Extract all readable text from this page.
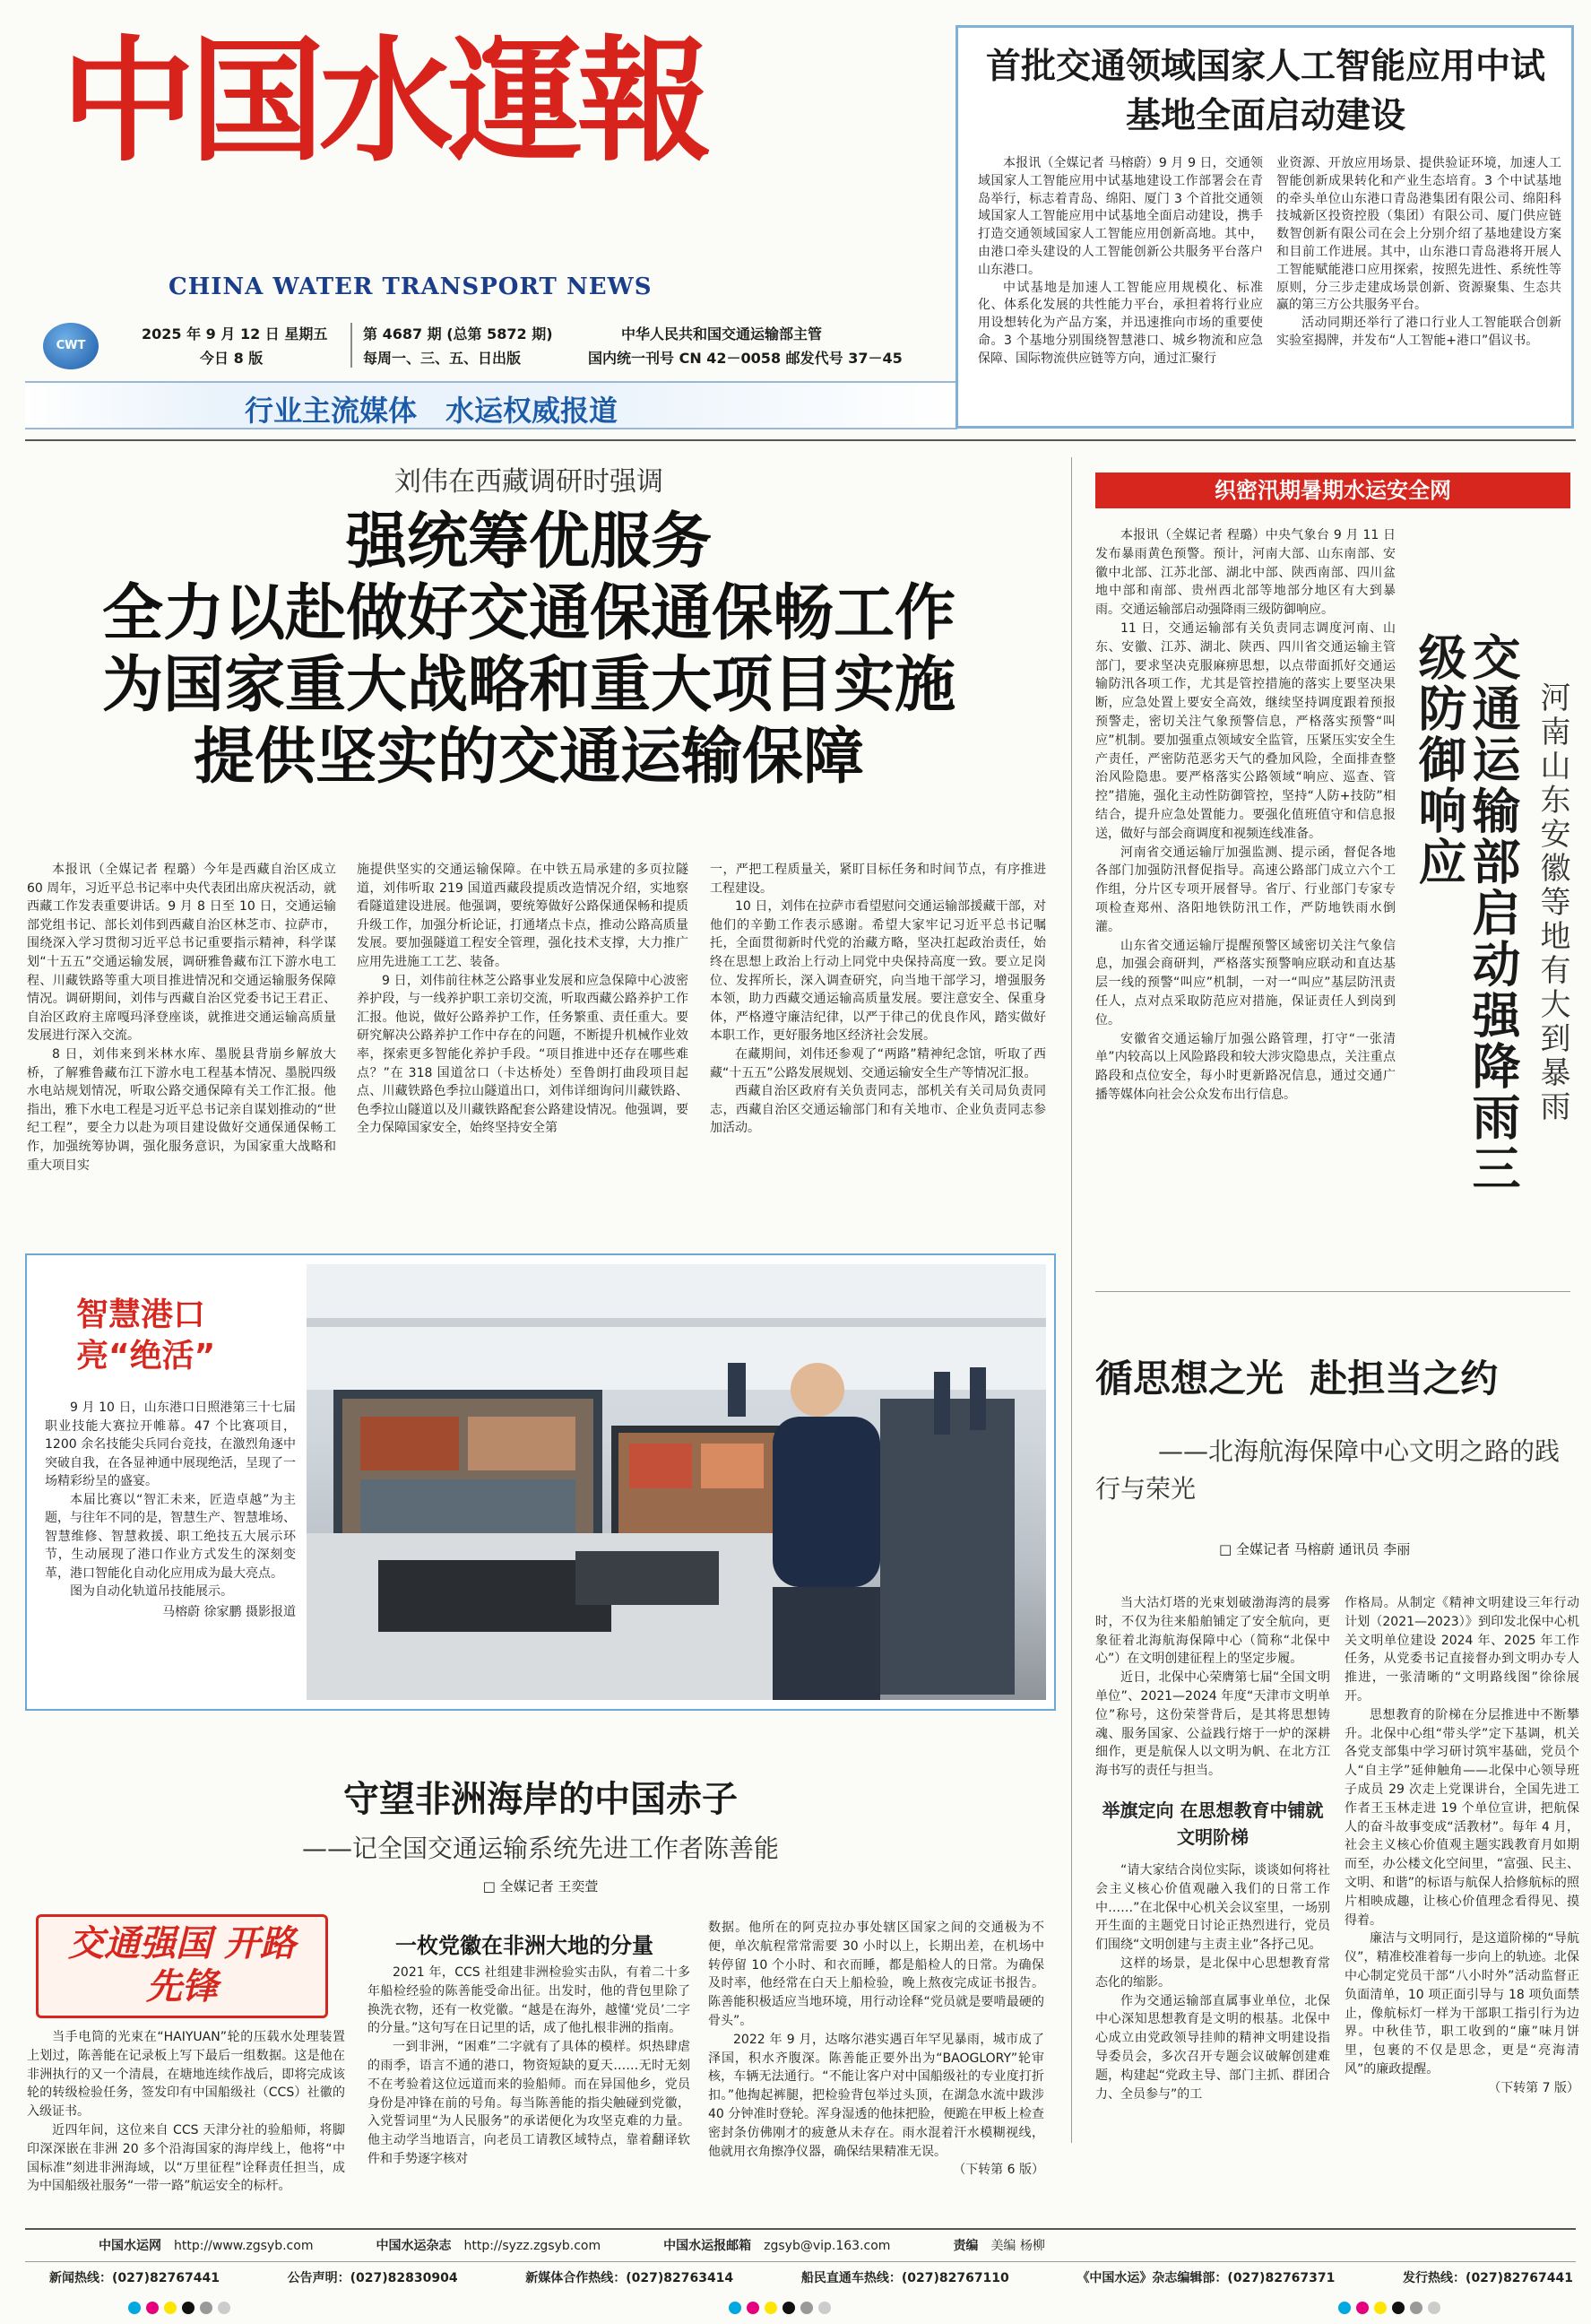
中国水運報
CHINA WATER TRANSPORT NEWS
CWT
2025 年 9 月 12 日 星期五
今日 8 版
第 4687 期 (总第 5872 期)
每周一、三、五、日出版
中华人民共和国交通运输部主管
国内统一刊号 CN 42－0058 邮发代号 37－45
行业主流媒体　水运权威报道
首批交通领域国家人工智能应用中试基地全面启动建设

本报讯（全媒记者 马榕蔚）9 月 9 日，交通领域国家人工智能应用中试基地建设工作部署会在青岛举行，标志着青岛、绵阳、厦门 3 个首批交通领域国家人工智能应用中试基地全面启动建设，携手打造交通领域国家人工智能应用创新高地。其中，由港口牵头建设的人工智能创新公共服务平台落户山东港口。

中试基地是加速人工智能应用规模化、标准化、体系化发展的共性能力平台，承担着将行业应用设想转化为产品方案，并迅速推向市场的重要使命。3 个基地分别围绕智慧港口、城乡物流和应急保障、国际物流供应链等方向，通过汇聚行

业资源、开放应用场景、提供验证环境，加速人工智能创新成果转化和产业生态培育。3 个中试基地的牵头单位山东港口青岛港集团有限公司、绵阳科技城新区投资控股（集团）有限公司、厦门供应链数智创新有限公司在会上分别介绍了基地建设方案和目前工作进展。其中，山东港口青岛港将开展人工智能赋能港口应用探索，按照先进性、系统性等原则，分三步走建成场景创新、资源聚集、生态共赢的第三方公共服务平台。

活动同期还举行了港口行业人工智能联合创新实验室揭牌，并发布“人工智能+港口”倡议书。

刘伟在西藏调研时强调
强统筹优服务
全力以赴做好交通保通保畅工作
为国家重大战略和重大项目实施
提供坚实的交通运输保障

本报讯（全媒记者 程璐）今年是西藏自治区成立 60 周年，习近平总书记率中央代表团出席庆祝活动，就西藏工作发表重要讲话。9 月 8 日至 10 日，交通运输部党组书记、部长刘伟到西藏自治区林芝市、拉萨市，围绕深入学习贯彻习近平总书记重要指示精神，科学谋划“十五五”交通运输发展，调研雅鲁藏布江下游水电工程、川藏铁路等重大项目推进情况和交通运输服务保障情况。调研期间，刘伟与西藏自治区党委书记王君正、自治区政府主席嘎玛泽登座谈，就推进交通运输高质量发展进行深入交流。

8 日，刘伟来到米林水库、墨脱县背崩乡解放大桥，了解雅鲁藏布江下游水电工程基本情况、墨脱四级水电站规划情况，听取公路交通保障有关工作汇报。他指出，雅下水电工程是习近平总书记亲自谋划推动的“世纪工程”，要全力以赴为项目建设做好交通保通保畅工作，加强统筹协调，强化服务意识，为国家重大战略和重大项目实

施提供坚实的交通运输保障。在中铁五局承建的多页拉隧道，刘伟听取 219 国道西藏段提质改造情况介绍，实地察看隧道建设进展。他强调，要统筹做好公路保通保畅和提质升级工作，加强分析论证，打通堵点卡点，推动公路高质量发展。要加强隧道工程安全管理，强化技术支撑，大力推广应用先进施工工艺、装备。

9 日，刘伟前往林芝公路事业发展和应急保障中心波密养护段，与一线养护职工亲切交流，听取西藏公路养护工作汇报。他说，做好公路养护工作，任务繁重、责任重大。要研究解决公路养护工作中存在的问题，不断提升机械作业效率，探索更多智能化养护手段。“项目推进中还存在哪些难点？”在 318 国道岔口（卡达桥处）至鲁朗打曲段项目起点、川藏铁路色季拉山隧道出口，刘伟详细询问川藏铁路、色季拉山隧道以及川藏铁路配套公路建设情况。他强调，要全力保障国家安全，始终坚持安全第

一，严把工程质量关，紧盯目标任务和时间节点，有序推进工程建设。

10 日，刘伟在拉萨市看望慰问交通运输部援藏干部，对他们的辛勤工作表示感谢。希望大家牢记习近平总书记嘱托，全面贯彻新时代党的治藏方略，坚决扛起政治责任，始终在思想上政治上行动上同党中央保持高度一致。要立足岗位、发挥所长，深入调查研究，向当地干部学习，增强服务本领，助力西藏交通运输高质量发展。要注意安全、保重身体，严格遵守廉洁纪律，以严于律己的优良作风，踏实做好本职工作，更好服务地区经济社会发展。

在藏期间，刘伟还参观了“两路”精神纪念馆，听取了西藏“十五五”公路发展规划、交通运输安全生产等情况汇报。

西藏自治区政府有关负责同志，部机关有关司局负责同志，西藏自治区交通运输部门和有关地市、企业负责同志参加活动。

织密汛期暑期水运安全网

本报讯（全媒记者 程璐）中央气象台 9 月 11 日发布暴雨黄色预警。预计，河南大部、山东南部、安徽中北部、江苏北部、湖北中部、陕西南部、四川盆地中部和南部、贵州西北部等地部分地区有大到暴雨。交通运输部启动强降雨三级防御响应。

11 日，交通运输部有关负责同志调度河南、山东、安徽、江苏、湖北、陕西、四川省交通运输主管部门，要求坚决克服麻痹思想，以点带面抓好交通运输防汛各项工作，尤其是管控措施的落实上要坚决果断，应急处置上要安全高效，继续坚持调度跟着预报预警走，密切关注气象预警信息，严格落实预警“叫应”机制。要加强重点领域安全监管，压紧压实安全生产责任，严密防范恶劣天气的叠加风险，全面排查整治风险隐患。要严格落实公路领域“响应、巡查、管控”措施，强化主动性防御管控，坚持“人防+技防”相结合，提升应急处置能力。要强化值班值守和信息报送，做好与部会商调度和视频连线准备。

河南省交通运输厅加强监测、提示函，督促各地各部门加强防汛督促指导。高速公路部门成立六个工作组，分片区专项开展督导。省厅、行业部门专家专项检查郑州、洛阳地铁防汛工作，严防地铁雨水倒灌。

山东省交通运输厅提醒预警区域密切关注气象信息，加强会商研判，严格落实预警响应联动和直达基层一线的预警“叫应”机制，一对一“叫应”基层防汛责任人，点对点采取防范应对措施，保证责任人到岗到位。

安徽省交通运输厅加强公路管理，打守“一张清单”内较高以上风险路段和较大涉灾隐患点，关注重点路段和点位安全，每小时更新路况信息，通过交通广播等媒体向社会公众发布出行信息。	交通运输部启动强降雨三级防御响应	河南山东安徽等地有大到暴雨
智慧港口
亮“绝活”

9 月 10 日，山东港口日照港第三十七届职业技能大赛拉开帷幕。47 个比赛项目，1200 余名技能尖兵同台竞技，在激烈角逐中突破自我，在各显神通中展现绝活，呈现了一场精彩纷呈的盛宴。

本届比赛以“智汇未来，匠造卓越”为主题，与往年不同的是，智慧生产、智慧堆场、智慧维修、智慧救援、职工绝技五大展示环节，生动展现了港口作业方式发生的深刻变革，港口智能化自动化应用成为最大亮点。

图为自动化轨道吊技能展示。

马榕蔚 徐家鹏 摄影报道
守望非洲海岸的中国赤子
——记全国交通运输系统先进工作者陈善能
□ 全媒记者 王奕萱
交通强国 开路先锋

当手电筒的光束在“HAIYUAN”轮的压载水处理装置上划过，陈善能在记录板上写下最后一组数据。这是他在非洲执行的又一个清晨，在塘地连续作战后，即将完成该轮的转级检验任务，签发印有中国船级社（CCS）社徽的入级证书。

近四年间，这位来自 CCS 天津分社的验船师，将脚印深深嵌在非洲 20 多个沿海国家的海岸线上，他将“中国标准”刻进非洲海域，以“万里征程”诠释责任担当，成为中国船级社服务“一带一路”航运安全的标杆。

一枚党徽在非洲大地的分量

2021 年，CCS 社组建非洲检验实击队，有着二十多年船检经验的陈善能受命出征。出发时，他的背包里除了换洗衣物，还有一枚党徽。“越是在海外，越懂‘党员’二字的分量。”这句写在日记里的话，成了他扎根非洲的指南。

一到非洲，“困难”二字就有了具体的模样。炽热肆虐的雨季，语言不通的港口，物资短缺的夏天……无时无刻不在考验着这位远道而来的验船师。而在异国他乡，党员身份是冲锋在前的号角。每当陈善能的指尖触碰到党徽，入党誓词里“为人民服务”的承诺便化为攻坚克难的力量。他主动学当地语言，向老员工请教区域特点，靠着翻译软件和手势逐字核对

数据。他所在的阿克拉办事处辖区国家之间的交通极为不便，单次航程常常需要 30 小时以上，长期出差，在机场中转停留 10 个小时、和衣而睡，都是船检人的日常。为确保及时率，他经常在白天上船检验，晚上熬夜完成证书报告。陈善能积极适应当地环境，用行动诠释“党员就是要啃最硬的骨头”。

2022 年 9 月，达喀尔港实遇百年罕见暴雨，城市成了泽国，积水齐腹深。陈善能正要外出为“BAOGLORY”轮审核，车辆无法通行。“不能让客户对中国船级社的专业度打折扣。”他掏起裤腿，把检验背包举过头顶，在湖急水流中跋涉 40 分钟准时登轮。浑身湿透的他抹把脸，便跪在甲板上检查密封条仿佛刚才的疲惫从未存在。雨水混着汗水模糊视线，他就用衣角擦净仪器，确保结果精准无误。

（下转第 6 版）
循思想之光  赴担当之约
——北海航海保障中心文明之路的践行与荣光
□ 全媒记者 马榕蔚 通讯员 李丽

当大沽灯塔的光束划破渤海湾的晨雾时，不仅为往来船舶铺定了安全航向，更象征着北海航海保障中心（简称“北保中心”）在文明创建征程上的坚定步履。

近日，北保中心荣膺第七届“全国文明单位”、2021—2024 年度“天津市文明单位”称号，这份荣誉背后，是其将思想铸魂、服务国家、公益践行熔于一炉的深耕细作，更是航保人以文明为帆、在北方江海书写的责任与担当。

举旗定向 在思想教育中铺就文明阶梯

“请大家结合岗位实际，谈谈如何将社会主义核心价值观融入我们的日常工作中……”在北保中心机关会议室里，一场别开生面的主题党日讨论正热烈进行，党员们围绕“文明创建与主责主业”各抒己见。

这样的场景，是北保中心思想教育常态化的缩影。

作为交通运输部直属事业单位，北保中心深知思想教育是文明的根基。北保中心成立由党政领导挂帅的精神文明建设指导委员会，多次召开专题会议破解创建难题，构建起“党政主导、部门主抓、群团合力、全员参与”的工

作格局。从制定《精神文明建设三年行动计划（2021—2023）》到印发北保中心机关文明单位建设 2024 年、2025 年工作任务，从党委书记直接督办到文明办专人推进，一张清晰的“文明路线图”徐徐展开。

思想教育的阶梯在分层推进中不断攀升。北保中心组“带头学”定下基调，机关各党支部集中学习研讨筑牢基础，党员个人“自主学”延伸触角——北保中心领导班子成员 29 次走上党课讲台，全国先进工作者王玉林走进 19 个单位宣讲，把航保人的奋斗故事变成“活教材”。每年 4 月，社会主义核心价值观主题实践教育月如期而至，办公楼文化空间里，“富强、民主、文明、和谐”的标语与航保人拾修航标的照片相映成趣，让核心价值理念看得见、摸得着。

廉洁与文明同行，是这道阶梯的“导航仪”，精准校准着每一步向上的轨迹。北保中心制定党员干部“八小时外”活动监督正负面清单，10 项正面引导与 18 项负面禁止，像航标灯一样为干部职工指引行为边界。中秋佳节，职工收到的“廉”味月饼里，包裹的不仅是思念，更是“亮海清风”的廉政提醒。

（下转第 7 版）
中国水运网　 http://www.zgsyb.com	中国水运杂志　 http://syzz.zgsyb.com	中国水运报邮箱　 zgsyb@vip.163.com	责编　 美编 杨柳
新闻热线：(027)82767441	公告声明：(027)82830904	新媒体合作热线：(027)82763414	船民直通车热线：(027)82767110	《中国水运》杂志编辑部：(027)82767371	发行热线：(027)82767441
